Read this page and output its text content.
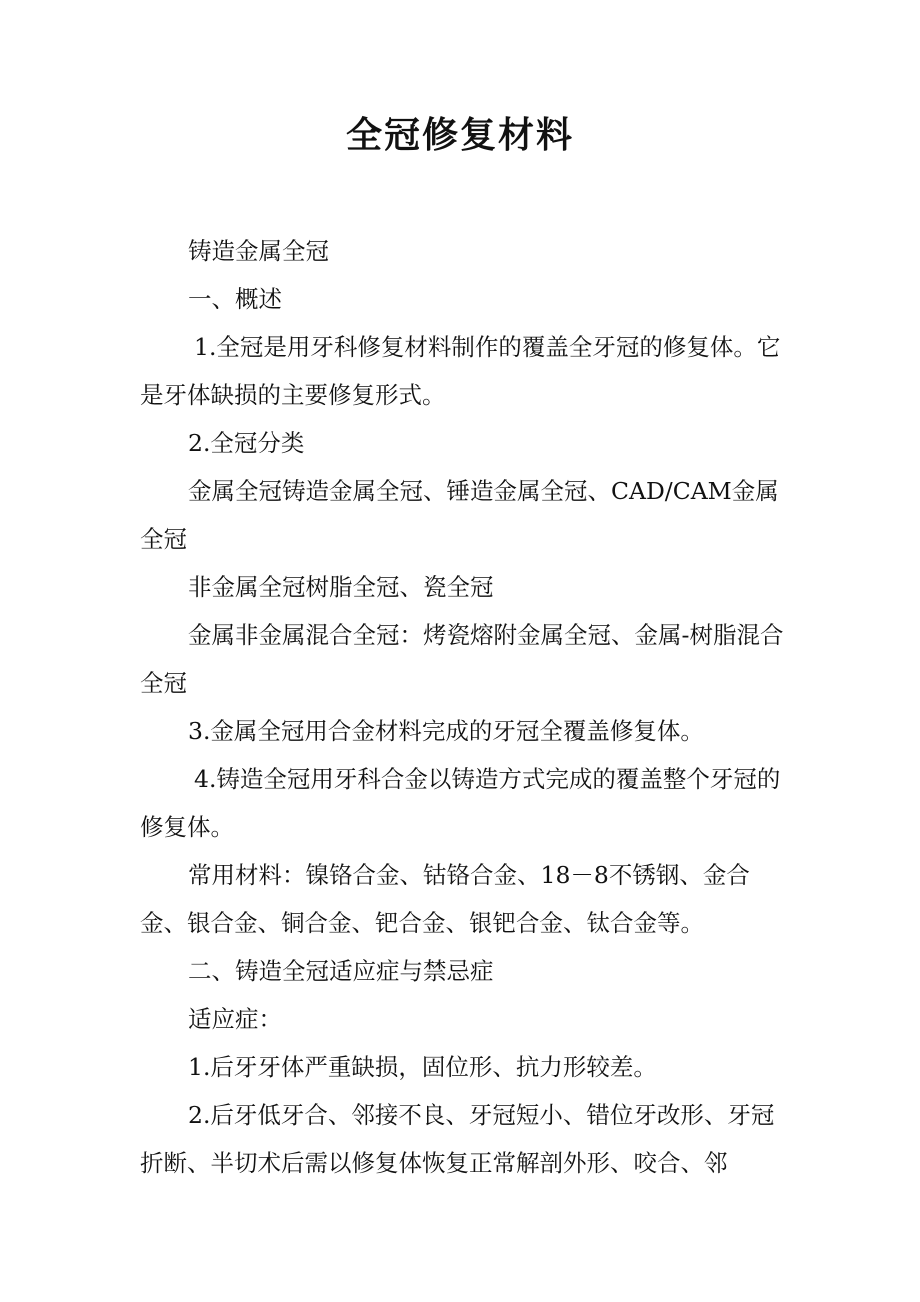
全冠修复材料

铸造金属全冠

一、概述

1.全冠是用牙科修复材料制作的覆盖全牙冠的修复体。它是牙体缺损的主要修复形式。

2.全冠分类

金属全冠铸造金属全冠、锤造金属全冠、CAD/CAM金属全冠

非金属全冠树脂全冠、瓷全冠

金属非金属混合全冠：烤瓷熔附金属全冠、金属-树脂混合全冠

3.金属全冠用合金材料完成的牙冠全覆盖修复体。

4.铸造全冠用牙科合金以铸造方式完成的覆盖整个牙冠的修复体。

常用材料：镍铬合金、钴铬合金、18－8不锈钢、金合金、银合金、铜合金、钯合金、银钯合金、钛合金等。

二、铸造全冠适应症与禁忌症

适应症：

1.后牙牙体严重缺损，固位形、抗力形较差。

2.后牙低牙合、邻接不良、牙冠短小、错位牙改形、牙冠折断、半切术后需以修复体恢复正常解剖外形、咬合、邻
